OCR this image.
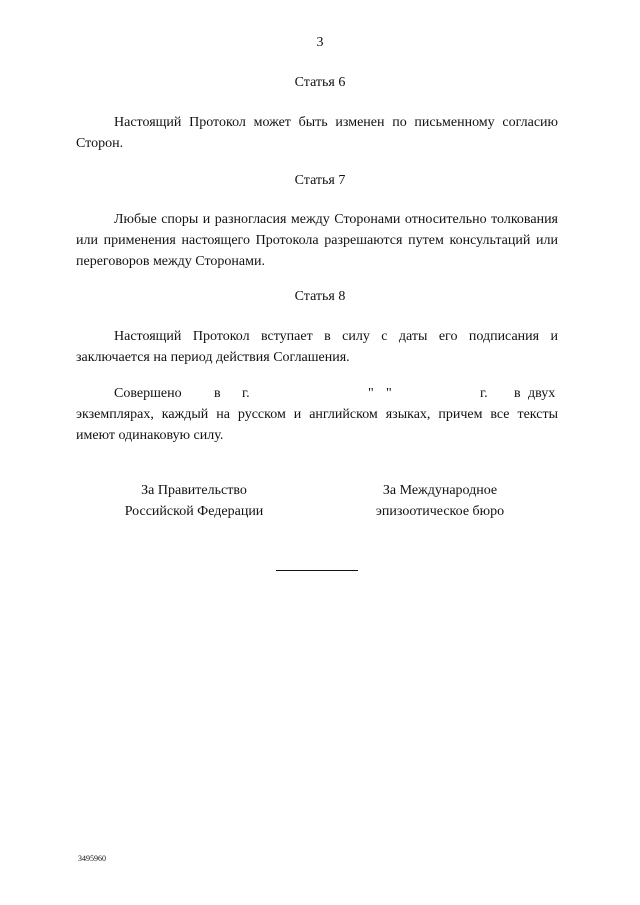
3
Статья 6
Настоящий Протокол может быть изменен по письменному согласию Сторон.
Статья 7
Любые споры и разногласия между Сторонами относительно толкования или применения настоящего Протокола разрешаются путем консультаций или переговоров между Сторонами.
Статья 8
Настоящий Протокол вступает в силу с даты его подписания и заключается на период действия Соглашения.
Совершено в г.	" "	г. в двух
экземплярах, каждый на русском и английском языках, причем все тексты имеют одинаковую силу.
За Правительство
Российской Федерации
За Международное
эпизоотическое бюро
3495960
